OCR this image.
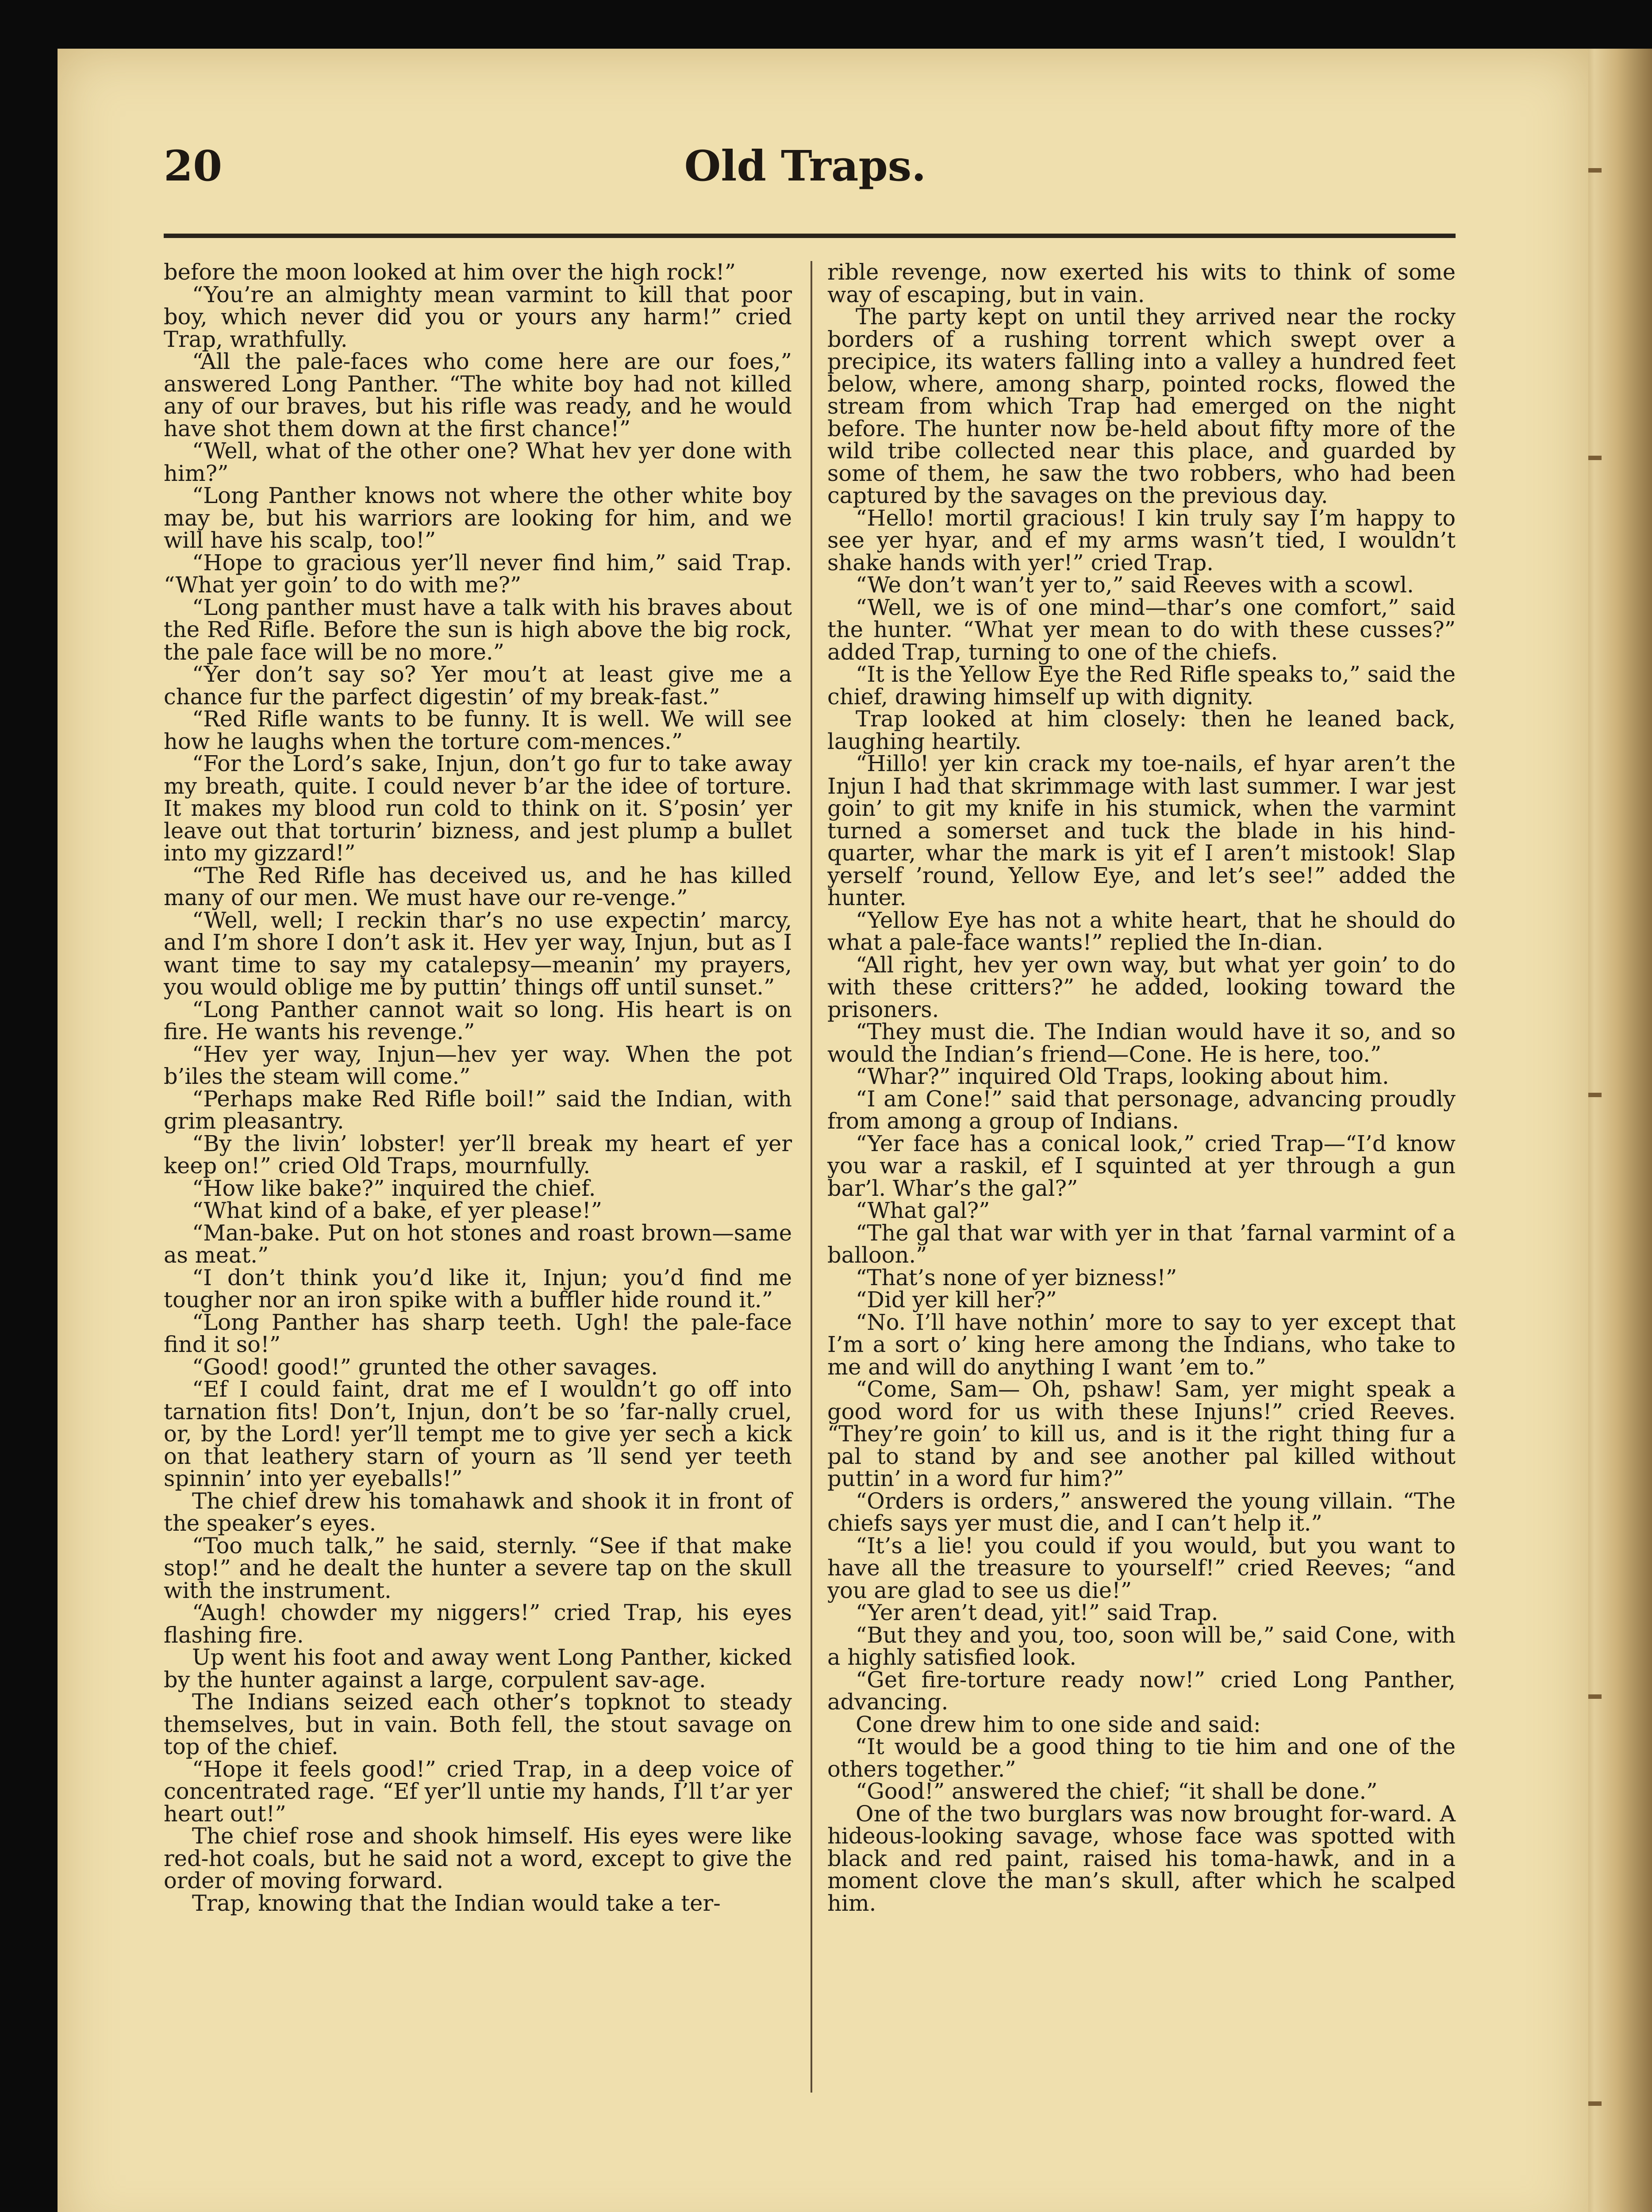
20	Old Traps.

before the moon looked at him over the high rock!”

“You’re an almighty mean varmint to kill that poor boy, which never did you or yours any harm!” cried Trap, wrathfully.

“All the pale-faces who come here are our foes,” answered Long Panther. “The white boy had not killed any of our braves, but his rifle was ready, and he would have shot them down at the first chance!”

“Well, what of the other one? What hev yer done with him?”

“Long Panther knows not where the other white boy may be, but his warriors are looking for him, and we will have his scalp, too!”

“Hope to gracious yer’ll never find him,” said Trap. “What yer goin’ to do with me?”

“Long panther must have a talk with his braves about the Red Rifle. Before the sun is high above the big rock, the pale face will be no more.”

“Yer don’t say so? Yer mou’t at least give me a chance fur the parfect digestin’ of my break-fast.”

“Red Rifle wants to be funny. It is well. We will see how he laughs when the torture com-mences.”

“For the Lord’s sake, Injun, don’t go fur to take away my breath, quite. I could never b’ar the idee of torture. It makes my blood run cold to think on it. S’posin’ yer leave out that torturin’ bizness, and jest plump a bullet into my gizzard!”

“The Red Rifle has deceived us, and he has killed many of our men. We must have our re-venge.”

“Well, well; I reckin thar’s no use expectin’ marcy, and I’m shore I don’t ask it. Hev yer way, Injun, but as I want time to say my catalepsy—meanin’ my prayers, you would oblige me by puttin’ things off until sunset.”

“Long Panther cannot wait so long. His heart is on fire. He wants his revenge.”

“Hev yer way, Injun—hev yer way. When the pot b’iles the steam will come.”

“Perhaps make Red Rifle boil!” said the Indian, with grim pleasantry.

“By the livin’ lobster! yer’ll break my heart ef yer keep on!” cried Old Traps, mournfully.

“How like bake?” inquired the chief.

“What kind of a bake, ef yer please!”

“Man-bake. Put on hot stones and roast brown—same as meat.”

“I don’t think you’d like it, Injun; you’d find me tougher nor an iron spike with a buffler hide round it.”

“Long Panther has sharp teeth. Ugh! the pale-face find it so!”

“Good! good!” grunted the other savages.

“Ef I could faint, drat me ef I wouldn’t go off into tarnation fits! Don’t, Injun, don’t be so ’far-nally cruel, or, by the Lord! yer’ll tempt me to give yer sech a kick on that leathery starn of yourn as ’ll send yer teeth spinnin’ into yer eyeballs!”

The chief drew his tomahawk and shook it in front of the speaker’s eyes.

“Too much talk,” he said, sternly. “See if that make stop!” and he dealt the hunter a severe tap on the skull with the instrument.

“Augh! chowder my niggers!” cried Trap, his eyes flashing fire.

Up went his foot and away went Long Panther, kicked by the hunter against a large, corpulent sav-age.

The Indians seized each other’s topknot to steady themselves, but in vain. Both fell, the stout savage on top of the chief.

“Hope it feels good!” cried Trap, in a deep voice of concentrated rage. “Ef yer’ll untie my hands, I’ll t’ar yer heart out!”

The chief rose and shook himself. His eyes were like red-hot coals, but he said not a word, except to give the order of moving forward.

Trap, knowing that the Indian would take a ter-

rible revenge, now exerted his wits to think of some way of escaping, but in vain.

The party kept on until they arrived near the rocky borders of a rushing torrent which swept over a precipice, its waters falling into a valley a hundred feet below, where, among sharp, pointed rocks, flowed the stream from which Trap had emerged on the night before. The hunter now be-held about fifty more of the wild tribe collected near this place, and guarded by some of them, he saw the two robbers, who had been captured by the savages on the previous day.

“Hello! mortil gracious! I kin truly say I’m happy to see yer hyar, and ef my arms wasn’t tied, I wouldn’t shake hands with yer!” cried Trap.

“We don’t wan’t yer to,” said Reeves with a scowl.

“Well, we is of one mind—thar’s one comfort,” said the hunter. “What yer mean to do with these cusses?” added Trap, turning to one of the chiefs.

“It is the Yellow Eye the Red Rifle speaks to,” said the chief, drawing himself up with dignity.

Trap looked at him closely: then he leaned back, laughing heartily.

“Hillo! yer kin crack my toe-nails, ef hyar aren’t the Injun I had that skrimmage with last summer. I war jest goin’ to git my knife in his stumick, when the varmint turned a somerset and tuck the blade in his hind-quarter, whar the mark is yit ef I aren’t mistook! Slap yerself ’round, Yellow Eye, and let’s see!” added the hunter.

“Yellow Eye has not a white heart, that he should do what a pale-face wants!” replied the In-dian.

“All right, hev yer own way, but what yer goin’ to do with these critters?” he added, looking toward the prisoners.

“They must die. The Indian would have it so, and so would the Indian’s friend—Cone. He is here, too.”

“Whar?” inquired Old Traps, looking about him.

“I am Cone!” said that personage, advancing proudly from among a group of Indians.

“Yer face has a conical look,” cried Trap—“I’d know you war a raskil, ef I squinted at yer through a gun bar’l. Whar’s the gal?”

“What gal?”

“The gal that war with yer in that ’farnal varmint of a balloon.”

“That’s none of yer bizness!”

“Did yer kill her?”

“No. I’ll have nothin’ more to say to yer except that I’m a sort o’ king here among the Indians, who take to me and will do anything I want ’em to.”

“Come, Sam— Oh, pshaw! Sam, yer might speak a good word for us with these Injuns!” cried Reeves. “They’re goin’ to kill us, and is it the right thing fur a pal to stand by and see another pal killed without puttin’ in a word fur him?”

“Orders is orders,” answered the young villain. “The chiefs says yer must die, and I can’t help it.”

“It’s a lie! you could if you would, but you want to have all the treasure to yourself!” cried Reeves; “and you are glad to see us die!”

“Yer aren’t dead, yit!” said Trap.

“But they and you, too, soon will be,” said Cone, with a highly satisfied look.

“Get fire-torture ready now!” cried Long Panther, advancing.

Cone drew him to one side and said:

“It would be a good thing to tie him and one of the others together.”

“Good!” answered the chief; “it shall be done.”

One of the two burglars was now brought for-ward. A hideous-looking savage, whose face was spotted with black and red paint, raised his toma-hawk, and in a moment clove the man’s skull, after which he scalped him.
